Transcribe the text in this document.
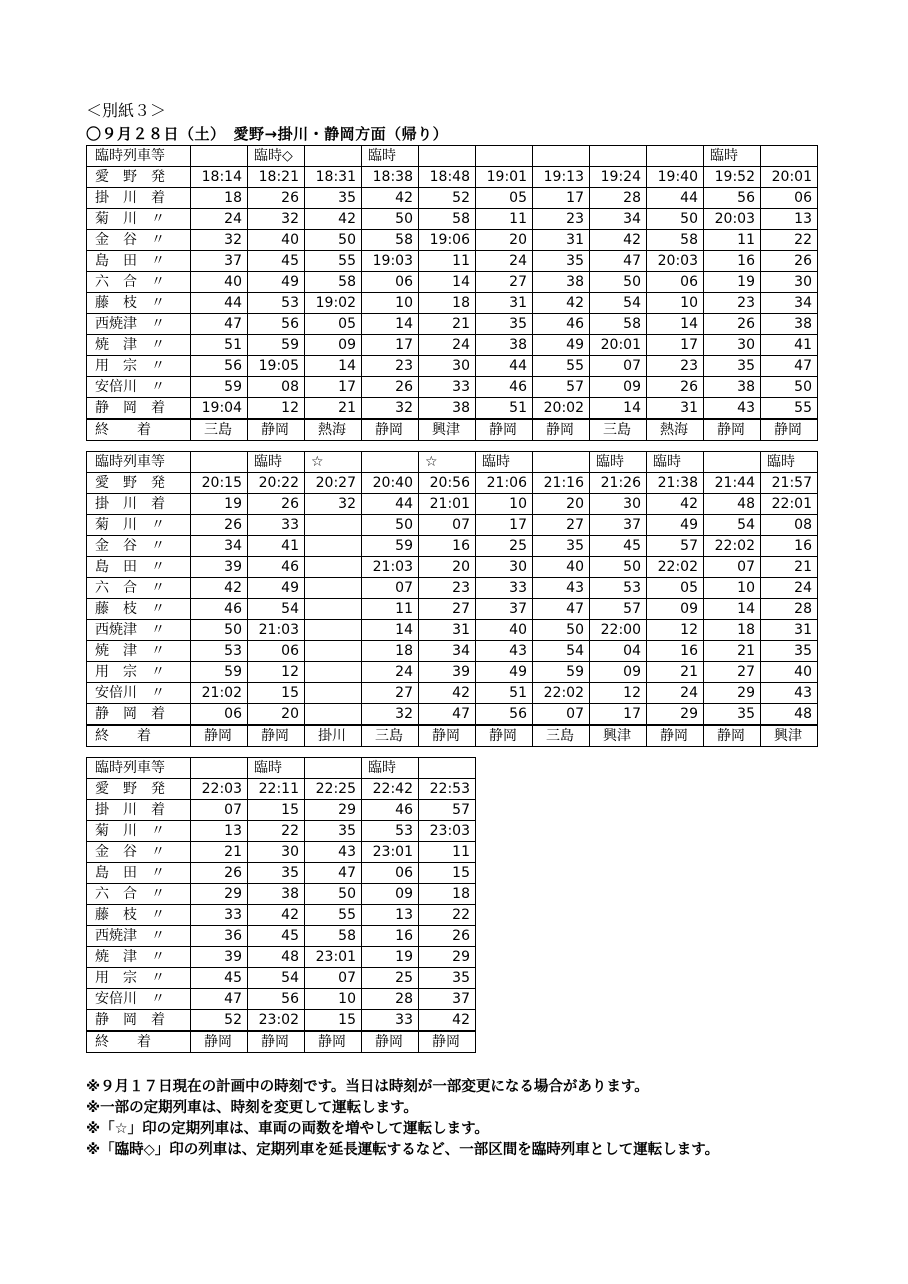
＜別紙３＞
〇９月２８日（土）　愛野→掛川・静岡方面（帰り）
臨時列車等		臨時◇		臨時						臨時	
愛　野　発	18:14	18:21	18:31	18:38	18:48	19:01	19:13	19:24	19:40	19:52	20:01
掛　川　着	18	26	35	42	52	05	17	28	44	56	06
菊　川　〃	24	32	42	50	58	11	23	34	50	20:03	13
金　谷　〃	32	40	50	58	19:06	20	31	42	58	11	22
島　田　〃	37	45	55	19:03	11	24	35	47	20:03	16	26
六　合　〃	40	49	58	06	14	27	38	50	06	19	30
藤　枝　〃	44	53	19:02	10	18	31	42	54	10	23	34
西焼津　〃	47	56	05	14	21	35	46	58	14	26	38
焼　津　〃	51	59	09	17	24	38	49	20:01	17	30	41
用　宗　〃	56	19:05	14	23	30	44	55	07	23	35	47
安倍川　〃	59	08	17	26	33	46	57	09	26	38	50
静　岡　着	19:04	12	21	32	38	51	20:02	14	31	43	55
終　　着	三島	静岡	熱海	静岡	興津	静岡	静岡	三島	熱海	静岡	静岡
臨時列車等		臨時	☆		☆	臨時		臨時	臨時		臨時
愛　野　発	20:15	20:22	20:27	20:40	20:56	21:06	21:16	21:26	21:38	21:44	21:57
掛　川　着	19	26	32	44	21:01	10	20	30	42	48	22:01
菊　川　〃	26	33		50	07	17	27	37	49	54	08
金　谷　〃	34	41		59	16	25	35	45	57	22:02	16
島　田　〃	39	46		21:03	20	30	40	50	22:02	07	21
六　合　〃	42	49		07	23	33	43	53	05	10	24
藤　枝　〃	46	54		11	27	37	47	57	09	14	28
西焼津　〃	50	21:03		14	31	40	50	22:00	12	18	31
焼　津　〃	53	06		18	34	43	54	04	16	21	35
用　宗　〃	59	12		24	39	49	59	09	21	27	40
安倍川　〃	21:02	15		27	42	51	22:02	12	24	29	43
静　岡　着	06	20		32	47	56	07	17	29	35	48
終　　着	静岡	静岡	掛川	三島	静岡	静岡	三島	興津	静岡	静岡	興津
臨時列車等		臨時		臨時	
愛　野　発	22:03	22:11	22:25	22:42	22:53
掛　川　着	07	15	29	46	57
菊　川　〃	13	22	35	53	23:03
金　谷　〃	21	30	43	23:01	11
島　田　〃	26	35	47	06	15
六　合　〃	29	38	50	09	18
藤　枝　〃	33	42	55	13	22
西焼津　〃	36	45	58	16	26
焼　津　〃	39	48	23:01	19	29
用　宗　〃	45	54	07	25	35
安倍川　〃	47	56	10	28	37
静　岡　着	52	23:02	15	33	42
終　　着	静岡	静岡	静岡	静岡	静岡
※９月１７日現在の計画中の時刻です。当日は時刻が一部変更になる場合があります。
※一部の定期列車は、時刻を変更して運転します。
※「☆」印の定期列車は、車両の両数を増やして運転します。
※「臨時◇」印の列車は、定期列車を延長運転するなど、一部区間を臨時列車として運転します。
